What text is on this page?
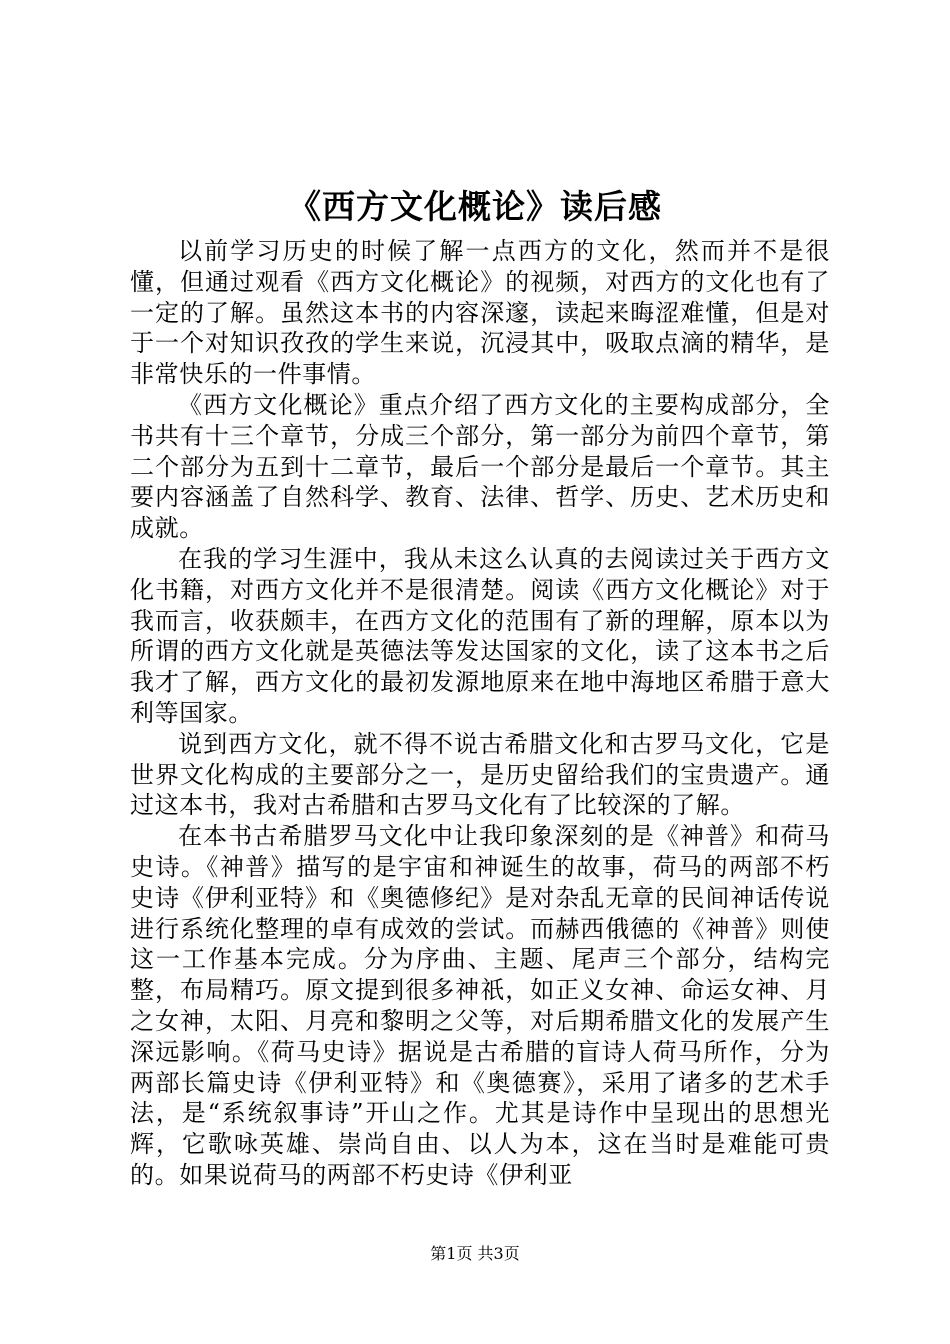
《西方文化概论》读后感

以前学习历史的时候了解一点西方的文化，然而并不是很懂，但通过观看《西方文化概论》的视频，对西方的文化也有了一定的了解。虽然这本书的内容深邃，读起来晦涩难懂，但是对于一个对知识孜孜的学生来说，沉浸其中，吸取点滴的精华，是非常快乐的一件事情。

《西方文化概论》重点介绍了西方文化的主要构成部分，全书共有十三个章节，分成三个部分，第一部分为前四个章节，第二个部分为五到十二章节，最后一个部分是最后一个章节。其主要内容涵盖了自然科学、教育、法律、哲学、历史、艺术历史和成就。

在我的学习生涯中，我从未这么认真的去阅读过关于西方文化书籍，对西方文化并不是很清楚。阅读《西方文化概论》对于我而言，收获颇丰，在西方文化的范围有了新的理解，原本以为所谓的西方文化就是英德法等发达国家的文化，读了这本书之后我才了解，西方文化的最初发源地原来在地中海地区希腊于意大利等国家。

说到西方文化，就不得不说古希腊文化和古罗马文化，它是世界文化构成的主要部分之一，是历史留给我们的宝贵遗产。通过这本书，我对古希腊和古罗马文化有了比较深的了解。

在本书古希腊罗马文化中让我印象深刻的是《神普》和荷马史诗。《神普》描写的是宇宙和神诞生的故事，荷马的两部不朽史诗《伊利亚特》和《奥德修纪》是对杂乱无章的民间神话传说进行系统化整理的卓有成效的尝试。而赫西俄德的《神普》则使这一工作基本完成。分为序曲、主题、尾声三个部分，结构完整，布局精巧。原文提到很多神祇，如正义女神、命运女神、月之女神，太阳、月亮和黎明之父等，对后期希腊文化的发展产生深远影响。《荷马史诗》据说是古希腊的盲诗人荷马所作，分为两部长篇史诗《伊利亚特》和《奥德赛》，采用了诸多的艺术手法，是“系统叙事诗”开山之作。尤其是诗作中呈现出的思想光辉，它歌咏英雄、崇尚自由、以人为本，这在当时是难能可贵的。如果说荷马的两部不朽史诗《伊利亚

第1页 共3页
